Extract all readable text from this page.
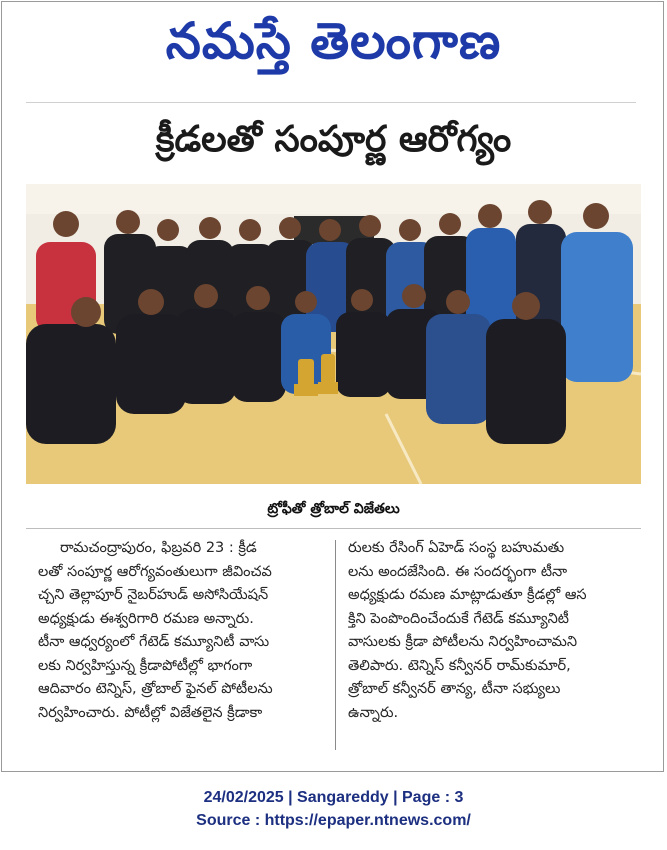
నమస్తే తెలంగాణ
క్రీడలతో సంపూర్ణ ఆరోగ్యం
ట్రోఫీతో త్రోబాల్ విజేతలు
రామచంద్రాపురం, ఫిబ్రవరి 23 : క్రీడ
లతో సంపూర్ణ ఆరోగ్యవంతులుగా జీవించవ
చ్చని తెల్లాపూర్ నైబర్‌హుడ్ అసోసియేషన్
అధ్యక్షుడు ఈశ్వరిగారి రమణ అన్నారు.
టీనా ఆధ్వర్యంలో గేటెడ్ కమ్యూనిటీ వాసు
లకు నిర్వహిస్తున్న క్రీడాపోటీల్లో భాగంగా
ఆదివారం టెన్నిస్, త్రోబాల్ ఫైనల్ పోటీలను
నిర్వహించారు. పోటీల్లో విజేతలైన క్రీడాకా
రులకు రేసింగ్ ఏహెడ్ సంస్థ బహుమతు
లను అందజేసింది. ఈ సందర్భంగా టీనా
అధ్యక్షుడు రమణ మాట్లాడుతూ క్రీడల్లో ఆస
క్తిని పెంపొందించేందుకే గేటెడ్ కమ్యూనిటీ
వాసులకు క్రీడా పోటీలను నిర్వహించామని
తెలిపారు. టెన్నిస్ కన్వీనర్ రామ్‌కుమార్,
త్రోబాల్ కన్వీనర్ తాన్య, టీనా సభ్యులు
ఉన్నారు.
24/02/2025 | Sangareddy | Page : 3
Source : https://epaper.ntnews.com/
